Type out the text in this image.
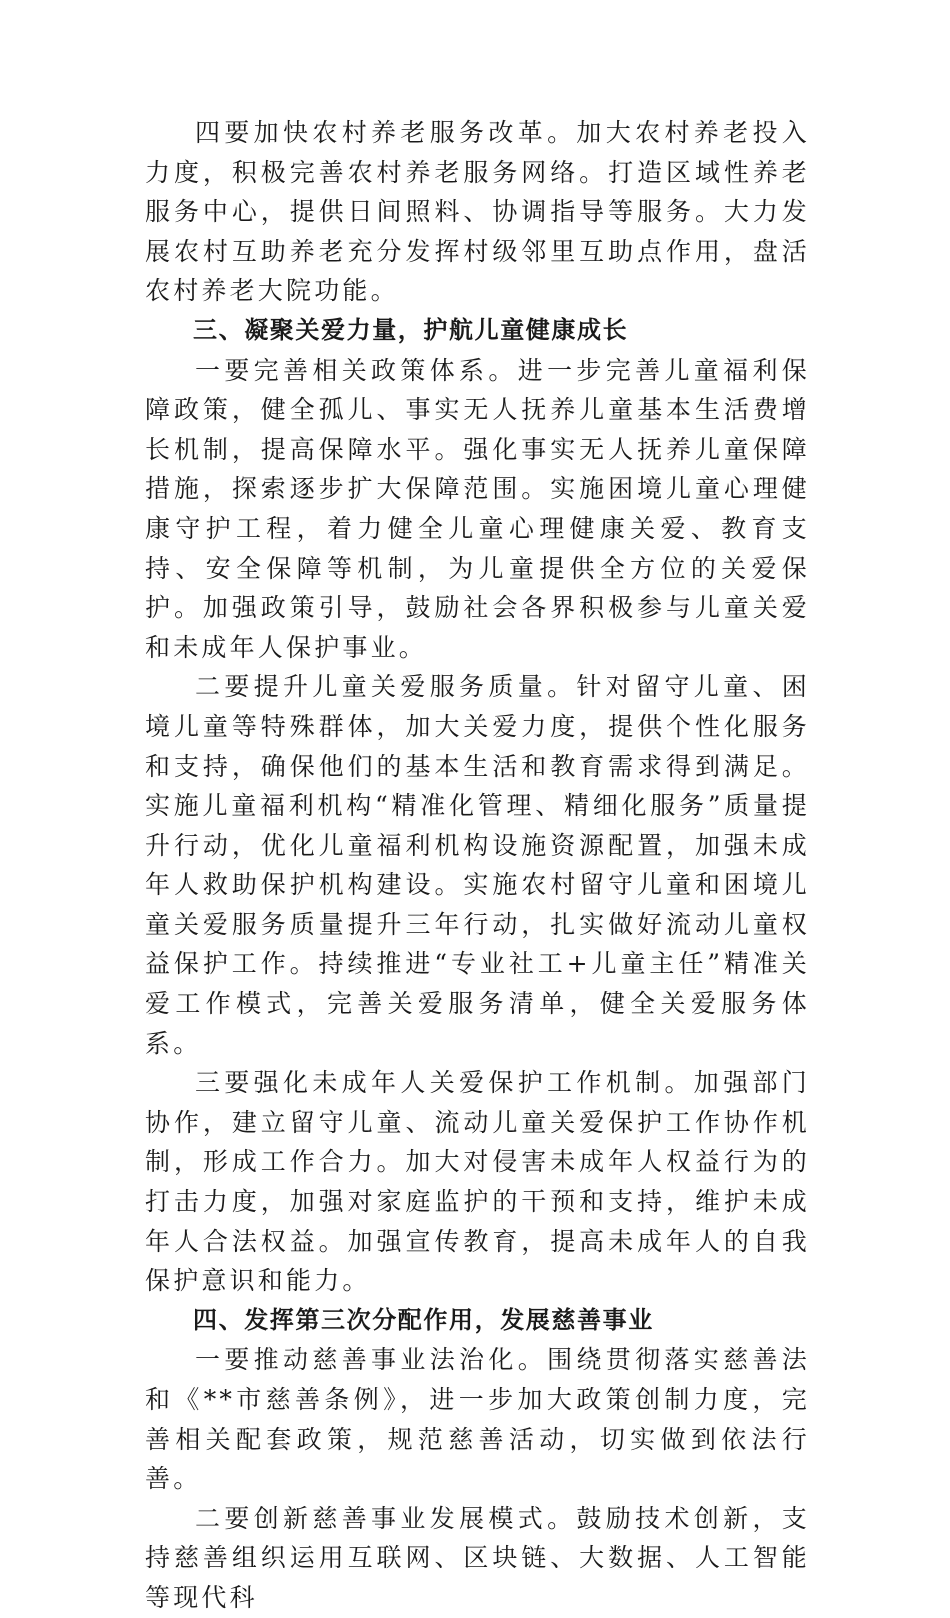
四要加快农村养老服务改革。加大农村养老投入力度，积极完善农村养老服务网络。打造区域性养老服务中心，提供日间照料、协调指导等服务。大力发展农村互助养老充分发挥村级邻里互助点作用，盘活农村养老大院功能。

三、凝聚关爱力量，护航儿童健康成长

一要完善相关政策体系。进一步完善儿童福利保障政策，健全孤儿、事实无人抚养儿童基本生活费增长机制，提高保障水平。强化事实无人抚养儿童保障措施，探索逐步扩大保障范围。实施困境儿童心理健康守护工程，着力健全儿童心理健康关爱、教育支持、安全保障等机制，为儿童提供全方位的关爱保护。加强政策引导，鼓励社会各界积极参与儿童关爱和未成年人保护事业。

二要提升儿童关爱服务质量。针对留守儿童、困境儿童等特殊群体，加大关爱力度，提供个性化服务和支持，确保他们的基本生活和教育需求得到满足。实施儿童福利机构“精准化管理、精细化服务”质量提升行动，优化儿童福利机构设施资源配置，加强未成年人救助保护机构建设。实施农村留守儿童和困境儿童关爱服务质量提升三年行动，扎实做好流动儿童权益保护工作。持续推进“专业社工+儿童主任”精准关爱工作模式，完善关爱服务清单，健全关爱服务体系。

三要强化未成年人关爱保护工作机制。加强部门协作，建立留守儿童、流动儿童关爱保护工作协作机制，形成工作合力。加大对侵害未成年人权益行为的打击力度，加强对家庭监护的干预和支持，维护未成年人合法权益。加强宣传教育，提高未成年人的自我保护意识和能力。

四、发挥第三次分配作用，发展慈善事业

一要推动慈善事业法治化。围绕贯彻落实慈善法和《**市慈善条例》，进一步加大政策创制力度，完善相关配套政策，规范慈善活动，切实做到依法行善。

二要创新慈善事业发展模式。鼓励技术创新，支持慈善组织运用互联网、区块链、大数据、人工智能等现代科
